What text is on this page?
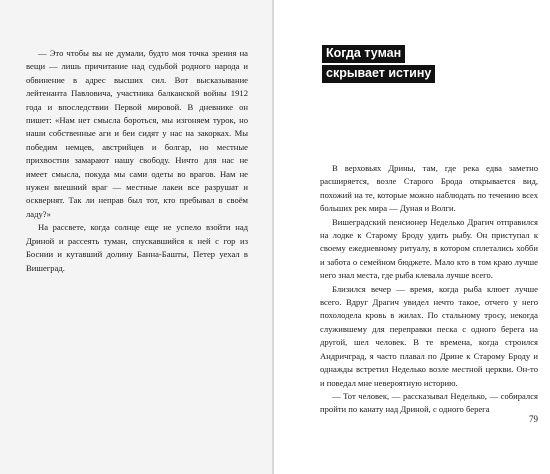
— Это чтобы вы не думали, будто моя точка зрения на вещи — лишь причитание над судьбой родного народа и обвинение в адрес высших сил. Вот высказывание лейтенанта Павловича, участника балканской войны 1912 года и впоследствии Первой мировой. В дневнике он пишет: «Нам нет смысла бороться, мы изгоняем турок, но наши собственные аги и беи сидят у нас на закорках. Мы победим немцев, австрийцев и болгар, но местные прихвостни замарают нашу свободу. Ничто для нас не имеет смысла, покуда мы сами одеты во врагов. Нам не нужен внешний враг — местные лакеи все разрушат и осквернят. Так ли неправ был тот, кто пребывал в своём ладу?»

На рассвете, когда солнце еще не успело взойти над Дриной и рассеять туман, спускавшийся к ней с гор из Боснии и кутавший долину Банна-Башты, Петер уехал в Вишеград.

Когда туман
скрывает истину

В верховьях Дрины, там, где река едва заметно расширяется, возле Старого Брода открывается вид, похожий на те, которые можно наблюдать по течению всех больших рек мира — Дуная и Волги.

Вишеградский пенсионер Неделько Драгич отправился на лодке к Старому Броду удить рыбу. Он приступал к своему ежедневному ритуалу, в котором сплетались хобби и забота о семейном бюджете. Мало кто в том краю лучше него знал места, где рыба клевала лучше всего.

Близился вечер — время, когда рыба клюет лучше всего. Вдруг Драгич увидел нечто такое, отчего у него похолодела кровь в жилах. По стальному тросу, некогда служившему для переправки песка с одного берега на другой, шел человек. В те времена, когда строился Андричград, я часто плавал по Дрине к Старому Броду и однажды встретил Неделько возле местной церкви. Он-то и поведал мне невероятную историю.

— Тот человек, — рассказывал Неделько, — собирался пройти по канату над Дриной, с одного берега

79
